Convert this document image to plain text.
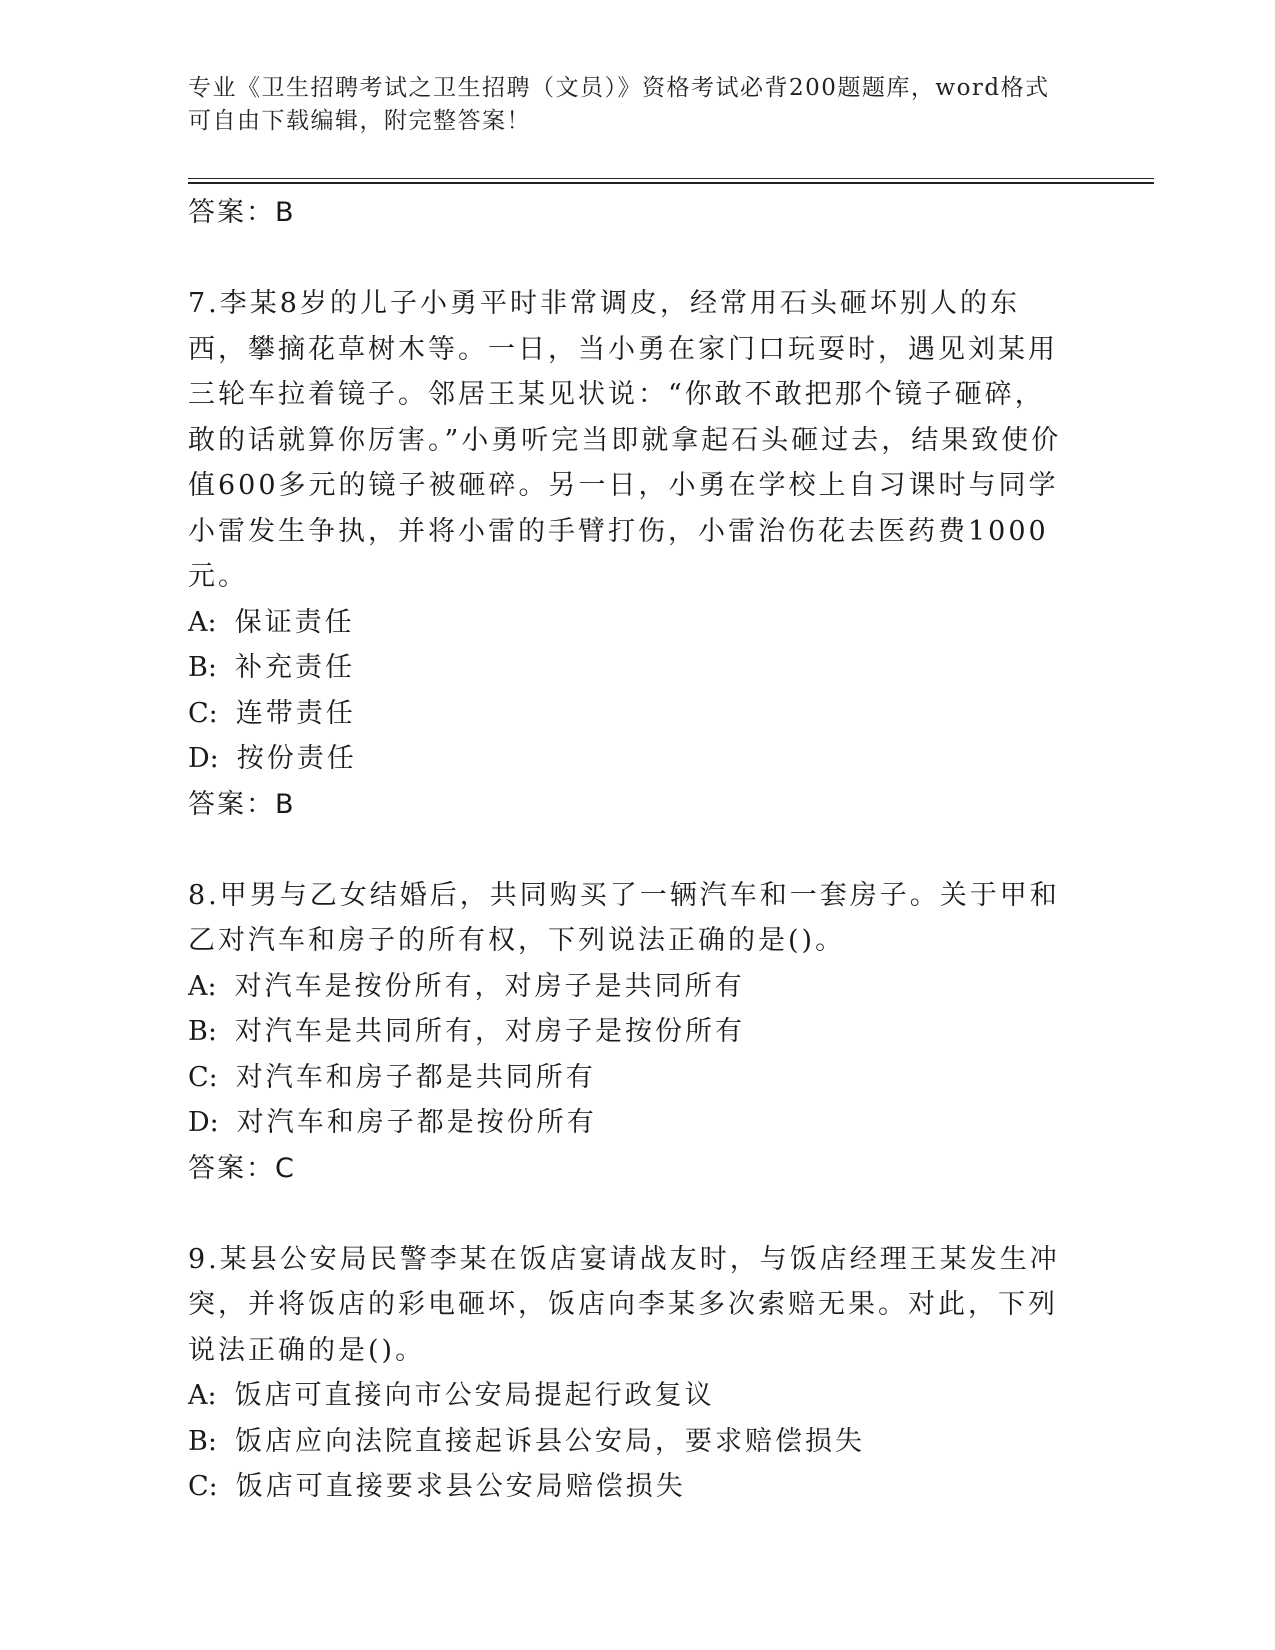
专业《卫生招聘考试之卫生招聘（文员）》资格考试必背200题题库，word格式
可自由下载编辑，附完整答案！

答案：B

7.李某8岁的儿子小勇平时非常调皮，经常用石头砸坏别人的东西，攀摘花草树木等。一日，当小勇在家门口玩耍时，遇见刘某用三轮车拉着镜子。邻居王某见状说：“你敢不敢把那个镜子砸碎，敢的话就算你厉害。”小勇听完当即就拿起石头砸过去，结果致使价值600多元的镜子被砸碎。另一日，小勇在学校上自习课时与同学小雷发生争执，并将小雷的手臂打伤，小雷治伤花去医药费1000元。

A: 保证责任

B: 补充责任

C: 连带责任

D: 按份责任

答案：B

8.甲男与乙女结婚后，共同购买了一辆汽车和一套房子。关于甲和乙对汽车和房子的所有权，下列说法正确的是()。

A: 对汽车是按份所有，对房子是共同所有

B: 对汽车是共同所有，对房子是按份所有

C: 对汽车和房子都是共同所有

D: 对汽车和房子都是按份所有

答案：C

9.某县公安局民警李某在饭店宴请战友时，与饭店经理王某发生冲突，并将饭店的彩电砸坏，饭店向李某多次索赔无果。对此，下列说法正确的是()。

A: 饭店可直接向市公安局提起行政复议

B: 饭店应向法院直接起诉县公安局，要求赔偿损失

C: 饭店可直接要求县公安局赔偿损失
